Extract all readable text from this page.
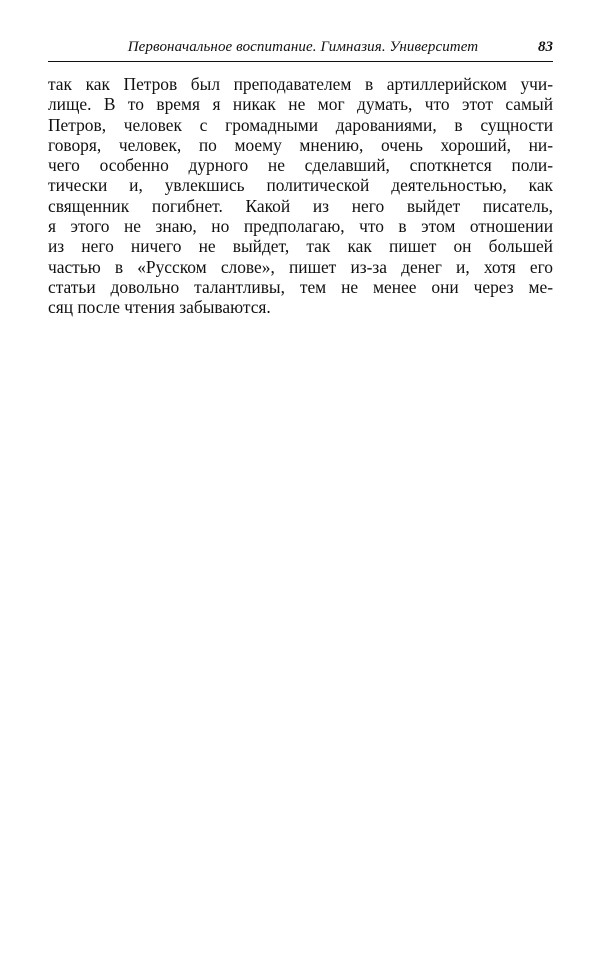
Первоначальное воспитание. Гимназия. Университет	83
так как Петров был преподавателем в артиллерийском учи-
лище. В то время я никак не мог думать, что этот самый
Петров, человек с громадными дарованиями, в сущности
говоря, человек, по моему мнению, очень хороший, ни-
чего особенно дурного не сделавший, споткнется поли-
тически и, увлекшись политической деятельностью, как
священник погибнет. Какой из него выйдет писатель,
я этого не знаю, но предполагаю, что в этом отношении
из него ничего не выйдет, так как пишет он большей
частью в «Русском слове», пишет из-за денег и, хотя его
статьи довольно талантливы, тем не менее они через ме-
сяц после чтения забываются.
